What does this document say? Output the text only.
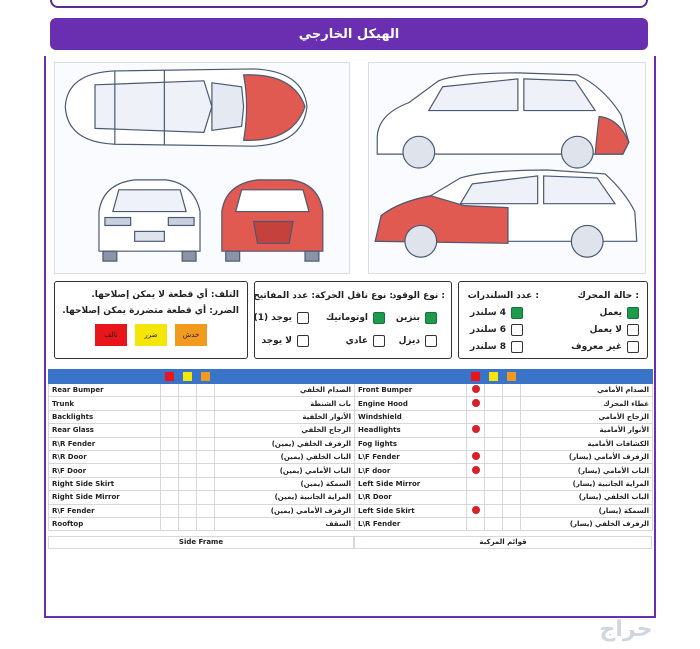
الهيكل الخارجي
حالة المحرك :
عدد السلندرات :
يعمل
لا يعمل
غير معروف
4 سلندر
6 سلندر
8 سلندر
نوع الوقود :
نوع ناقل الحركة :
عدد المفاتيح :
بنزين
ديزل
اوتوماتيك
عادي
يوجد (1)
لا يوجد
التلف: أي قطعة لا يمكن إصلاحها.
الضرر: أي قطعة متضررة يمكن إصلاحها.
خدش
ضرر
تالف

Rear Bumper				الصدام الخلفي
Trunk				باب الشنطة
Backlights				الأنوار الخلفية
Rear Glass				الزجاج الخلفي
R\R Fender				الرفرف الخلفي (يمين)
R\R Door				الباب الخلفي (يمين)
R\F Door				الباب الأمامي (يمين)
Right Side Skirt				السمكة (يمين)
Right Side Mirror				المراية الجانبية (يمين)
R\F Fender				الرفرف الأمامي (يمين)
Rooftop				السقف

Front Bumper				الصدام الأمامي
Engine Hood				غطاء المحرك
Windshield				الزجاج الأمامي
Headlights				الأنوار الأمامية
Fog lights				الكشافات الأمامية
L\F Fender				الرفرف الأمامي (يسار)
L\F door				الباب الأمامي (يسار)
Left Side Mirror				المراية الجانبية (يسار)
L\R Door				الباب الخلفي (يسار)
Left Side Skirt				السمكة (يسار)
L\R Fender				الرفرف الخلفي (يسار)
Side Frame	قوائم المركبة
حراج
